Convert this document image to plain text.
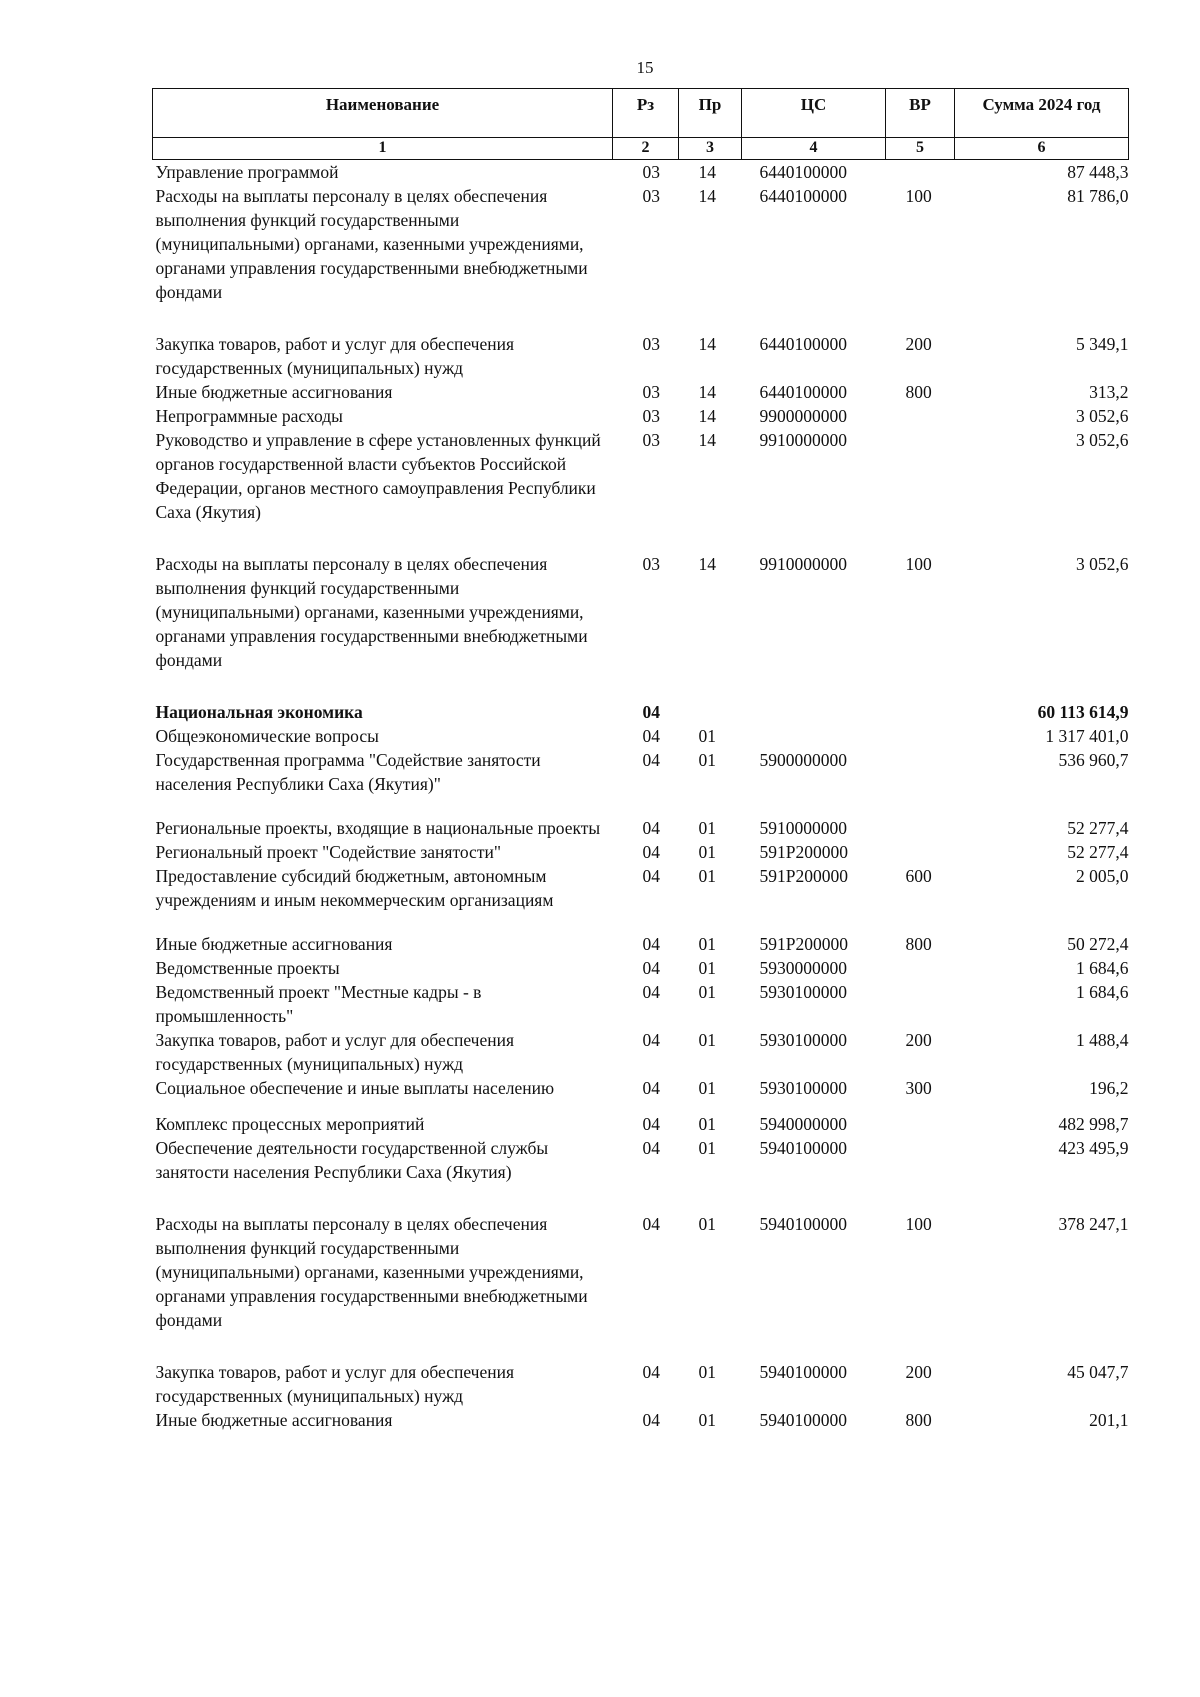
15
Наименование	Рз	Пр	ЦС	ВР	Сумма 2024 год
1	2	3	4	5	6
Управление программой	03	14	6440100000		87 448,3
Расходы на выплаты персоналу в целях обеспечения выполнения функций государственными (муниципальными) органами, казенными учреждениями, органами управления государственными внебюджетными фондами	03	14	6440100000	100	81 786,0
Закупка товаров, работ и услуг для обеспечения государственных (муниципальных) нужд	03	14	6440100000	200	5 349,1
Иные бюджетные ассигнования	03	14	6440100000	800	313,2
Непрограммные расходы	03	14	9900000000		3 052,6
Руководство и управление в сфере установленных функций органов государственной власти субъектов Российской Федерации, органов местного самоуправления Республики Саха (Якутия)	03	14	9910000000		3 052,6
Расходы на выплаты персоналу в целях обеспечения выполнения функций государственными (муниципальными) органами, казенными учреждениями, органами управления государственными внебюджетными фондами	03	14	9910000000	100	3 052,6
Национальная экономика	04				60 113 614,9
Общеэкономические вопросы	04	01			1 317 401,0
Государственная программа "Содействие занятости населения Республики Саха (Якутия)"	04	01	5900000000		536 960,7
Региональные проекты, входящие в национальные проекты	04	01	5910000000		52 277,4
Региональный проект "Содействие занятости"	04	01	591P200000		52 277,4
Предоставление субсидий бюджетным, автономным учреждениям и иным некоммерческим организациям	04	01	591P200000	600	2 005,0
Иные бюджетные ассигнования	04	01	591P200000	800	50 272,4
Ведомственные проекты	04	01	5930000000		1 684,6
Ведомственный проект "Местные кадры - в промышленность"	04	01	5930100000		1 684,6
Закупка товаров, работ и услуг для обеспечения государственных (муниципальных) нужд	04	01	5930100000	200	1 488,4
Социальное обеспечение и иные выплаты населению	04	01	5930100000	300	196,2
Комплекс процессных мероприятий	04	01	5940000000		482 998,7
Обеспечение деятельности государственной службы занятости населения Республики Саха (Якутия)	04	01	5940100000		423 495,9
Расходы на выплаты персоналу в целях обеспечения выполнения функций государственными (муниципальными) органами, казенными учреждениями, органами управления государственными внебюджетными фондами	04	01	5940100000	100	378 247,1
Закупка товаров, работ и услуг для обеспечения государственных (муниципальных) нужд	04	01	5940100000	200	45 047,7
Иные бюджетные ассигнования	04	01	5940100000	800	201,1
